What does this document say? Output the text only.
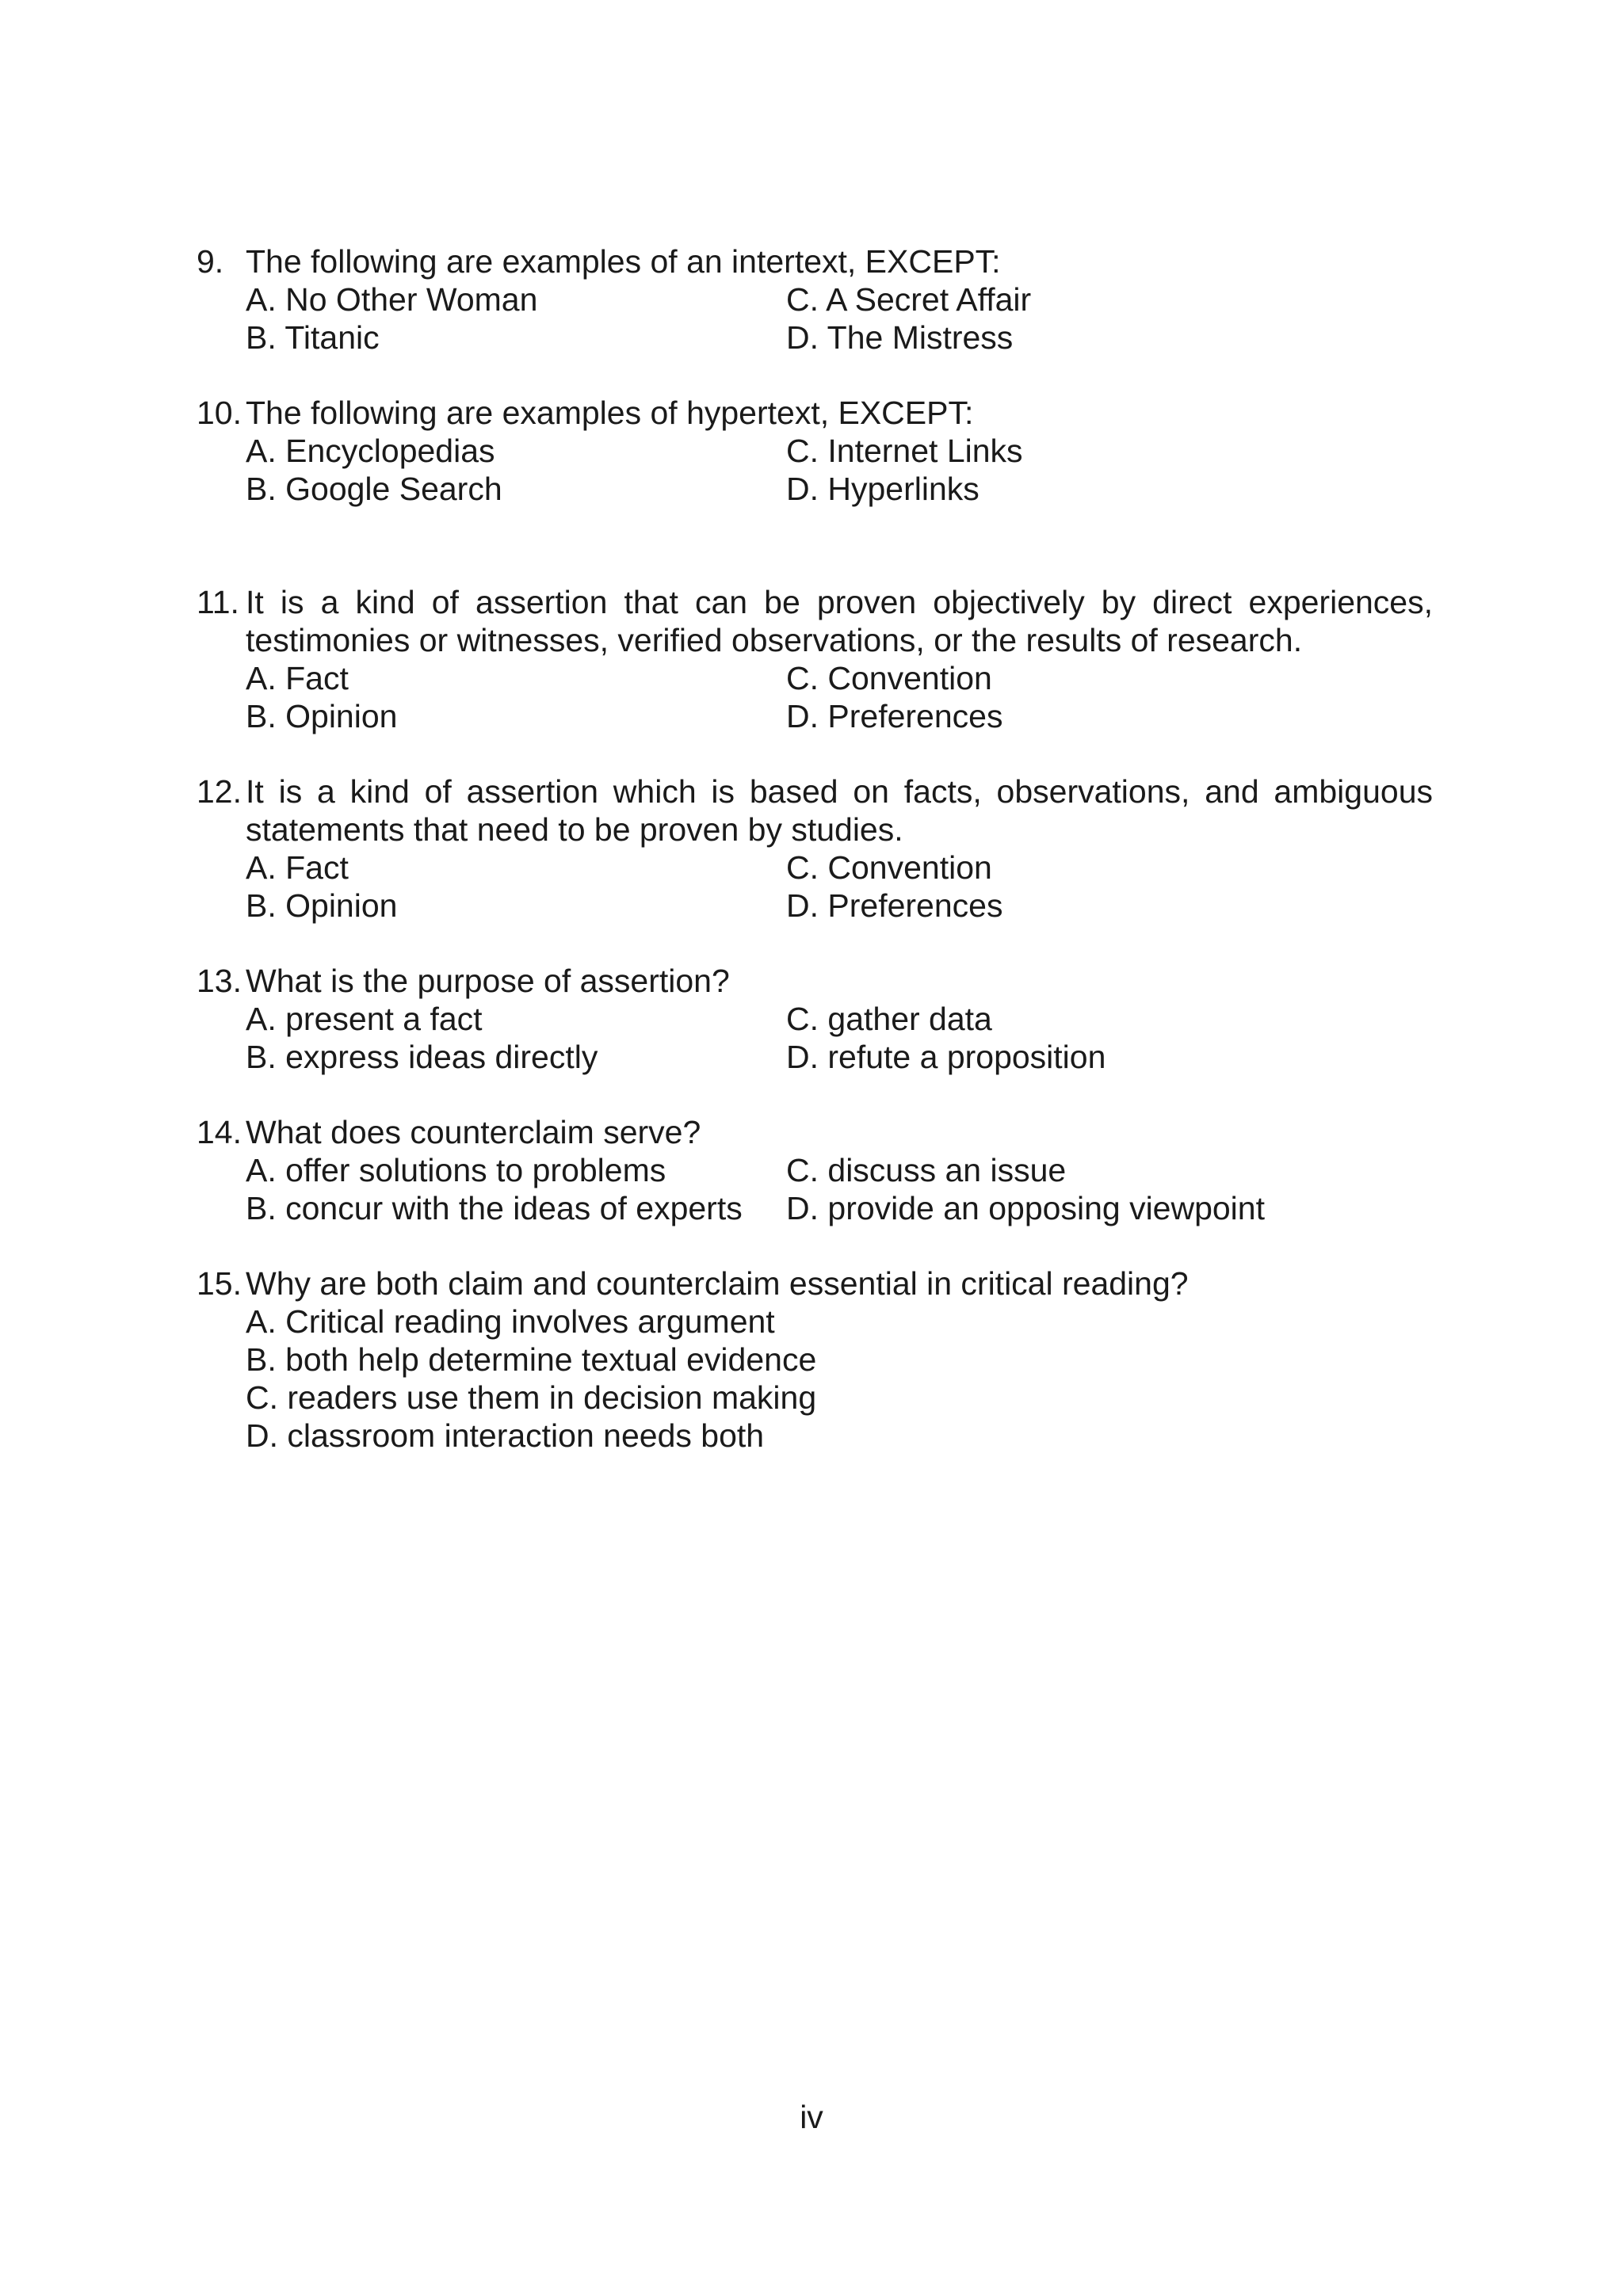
9. The following are examples of an intertext, EXCEPT:
A. No Other Woman	C. A Secret Affair
B. Titanic	D. The Mistress
10. The following are examples of hypertext, EXCEPT:
A. Encyclopedias	C. Internet Links
B. Google Search	D. Hyperlinks
11. It is a kind of assertion that can be proven objectively by direct experiences, testimonies or witnesses, verified observations, or the results of research.
A. Fact	C. Convention
B. Opinion	D. Preferences
12. It is a kind of assertion which is based on facts, observations, and ambiguous statements that need to be proven by studies.
A. Fact	C. Convention
B. Opinion	D. Preferences
13. What is the purpose of assertion?
A. present a fact	C. gather data
B. express ideas directly	D. refute a proposition
14. What does counterclaim serve?
A. offer solutions to problems	C. discuss an issue
B. concur with the ideas of experts	D. provide an opposing viewpoint
15. Why are both claim and counterclaim essential in critical reading?
A. Critical reading involves argument
B. both help determine textual evidence
C. readers use them in decision making
D. classroom interaction needs both
iv
